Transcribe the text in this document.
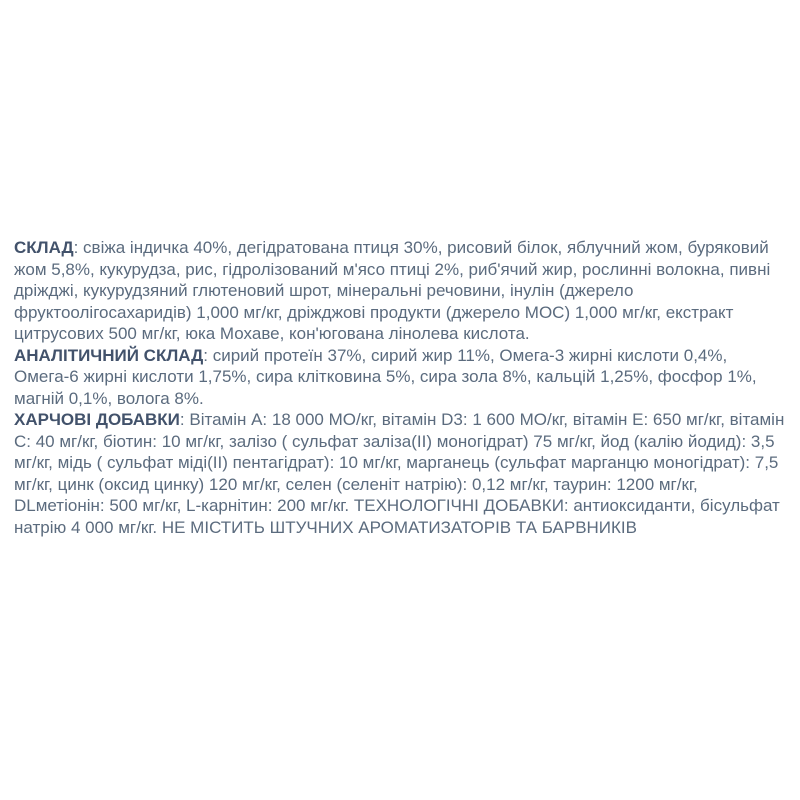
СКЛАД: свіжа індичка 40%, дегідратована птиця 30%, рисовий білок, яблучний жом, буряковий жом 5,8%, кукурудза, рис, гідролізований м'ясо птиці 2%, риб'ячий жир, рослинні волокна, пивні дріжджі, кукурудзяний глютеновий шрот, мінеральні речовини, інулін (джерело фруктоолігосахаридів) 1,000 мг/кг, дріжджові продукти (джерело МОС) 1,000 мг/кг, екстракт цитрусових 500 мг/кг, юка Мохаве, кон'югована лінолева кислота.

АНАЛІТИЧНИЙ СКЛАД: сирий протеїн 37%, сирий жир 11%, Омега-3 жирні кислоти 0,4%, Омега-6 жирні кислоти 1,75%, сира клітковина 5%, сира зола 8%, кальцій 1,25%, фосфор 1%, магній 0,1%, волога 8%.

ХАРЧОВІ ДОБАВКИ: Вітамін А: 18 000 МО/кг, вітамін D3: 1 600 МО/кг, вітамін Е: 650 мг/кг, вітамін С: 40 мг/кг, біотин: 10 мг/кг, залізо ( сульфат заліза(II) моногідрат) 75 мг/кг, йод (калію йодид): 3,5 мг/кг, мідь ( сульфат міді(II) пентагідрат): 10 мг/кг, марганець (сульфат марганцю моногідрат): 7,5 мг/кг, цинк (оксид цинку) 120 мг/кг, селен (селеніт натрію): 0,12 мг/кг, таурин: 1200 мг/кг, DLметіонін: 500 мг/кг, L-карнітин: 200 мг/кг. ТЕХНОЛОГІЧНІ ДОБАВКИ: антиоксиданти, бісульфат натрію 4 000 мг/кг. НЕ МІСТИТЬ ШТУЧНИХ АРОМАТИЗАТОРІВ ТА БАРВНИКІВ
